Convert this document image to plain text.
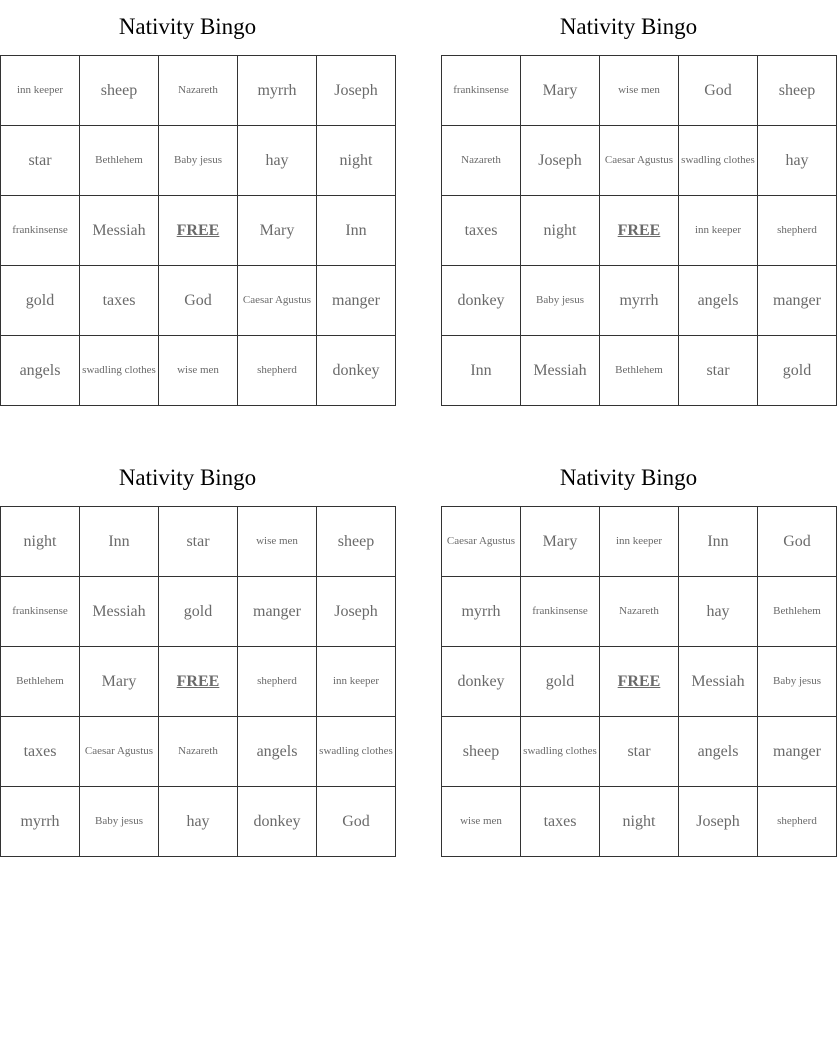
Nativity Bingo
inn keeper	sheep	Nazareth	myrrh	Joseph
star	Bethlehem	Baby jesus	hay	night
frankinsense	Messiah	FREE	Mary	Inn
gold	taxes	God	Caesar Agustus	manger
angels	swadling clothes	wise men	shepherd	donkey
Nativity Bingo
frankinsense	Mary	wise men	God	sheep
Nazareth	Joseph	Caesar Agustus	swadling clothes	hay
taxes	night	FREE	inn keeper	shepherd
donkey	Baby jesus	myrrh	angels	manger
Inn	Messiah	Bethlehem	star	gold
Nativity Bingo
night	Inn	star	wise men	sheep
frankinsense	Messiah	gold	manger	Joseph
Bethlehem	Mary	FREE	shepherd	inn keeper
taxes	Caesar Agustus	Nazareth	angels	swadling clothes
myrrh	Baby jesus	hay	donkey	God
Nativity Bingo
Caesar Agustus	Mary	inn keeper	Inn	God
myrrh	frankinsense	Nazareth	hay	Bethlehem
donkey	gold	FREE	Messiah	Baby jesus
sheep	swadling clothes	star	angels	manger
wise men	taxes	night	Joseph	shepherd
